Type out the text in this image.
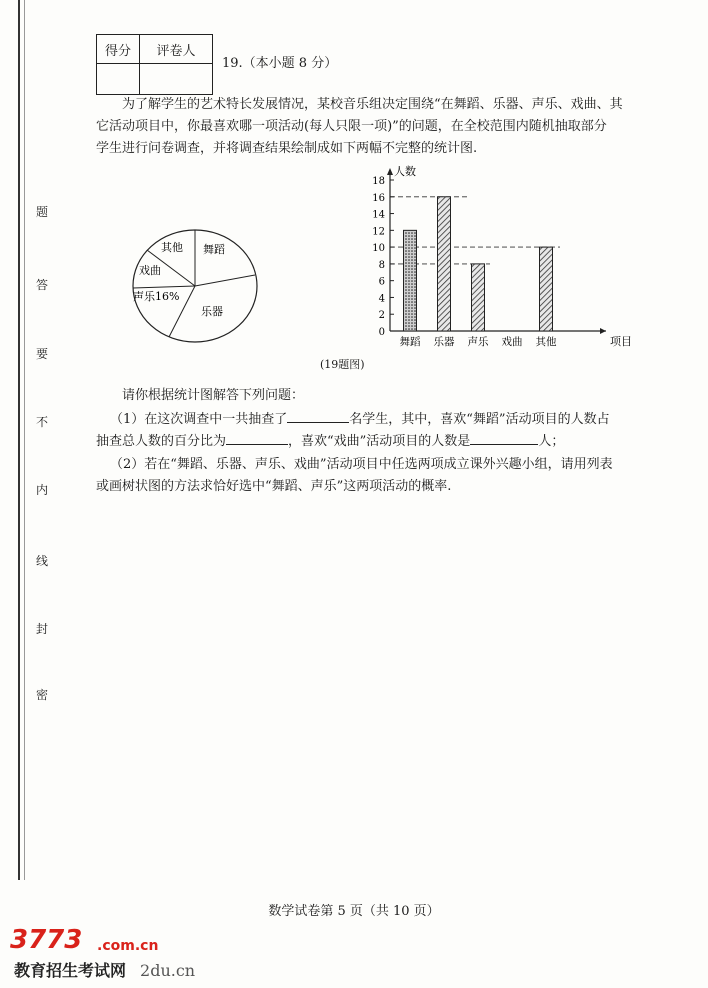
题
答
要
不
内
线
封
密
得分	评卷人

19.（本小题 8 分）

为了解学生的艺术特长发展情况，某校音乐组决定围绕“在舞蹈、乐器、声乐、戏曲、其

它活动项目中，你最喜欢哪一项活动(每人只限一项)”的问题，在全校范围内随机抽取部分

学生进行问卷调查，并将调查结果绘制成如下两幅不完整的统计图.

其他 舞蹈
戏曲
声乐16%
乐器
0
2
4
6
8
10
12
14
16
18
舞蹈 乐器 声乐 戏曲 其他
人数
项目
(19题图)
请你根据统计图解答下列问题：

（1）在这次调查中一共抽查了	名学生，其中，喜欢“舞蹈”活动项目的人数占

抽查总人数的百分比为	，喜欢“戏曲”活动项目的人数是	人；

（2）若在“舞蹈、乐器、声乐、戏曲”活动项目中任选两项成立课外兴趣小组，请用列表

或画树状图的方法求恰好选中“舞蹈、声乐”这两项活动的概率.

数学试卷第 5 页（共 10 页）
3773 .com.cn
教育招生考试网 2du.cn
